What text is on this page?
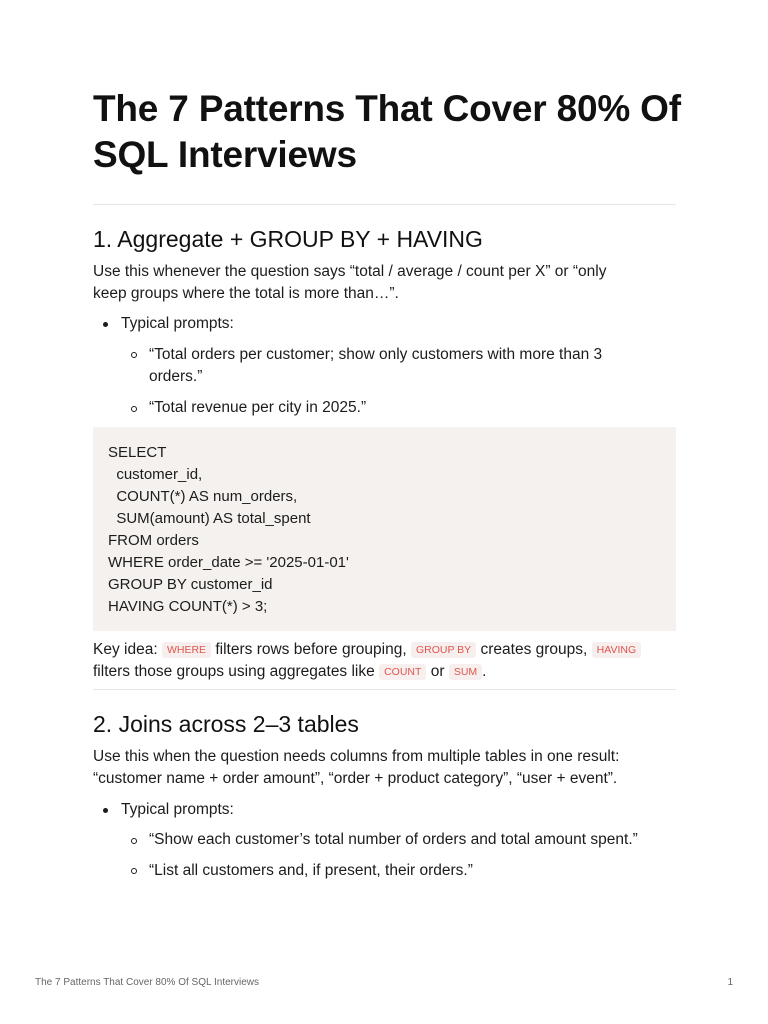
The 7 Patterns That Cover 80% Of SQL Interviews
1. Aggregate + GROUP BY + HAVING

Use this whenever the question says “total / average / count per X” or “only

keep groups where the total is more than…”.

Typical prompts:
“Total orders per customer; show only customers with more than 3
orders.”
“Total revenue per city in 2025.”
SELECT
customer_id,
COUNT(*) AS num_orders,
SUM(amount) AS total_spent
FROM orders
WHERE order_date >= '2025-01-01'
GROUP BY customer_id
HAVING COUNT(*) > 3;

Key idea: WHERE filters rows before grouping, GROUP BY creates groups, HAVING

filters those groups using aggregates like COUNT or SUM .

2. Joins across 2–3 tables

Use this when the question needs columns from multiple tables in one result:

“customer name + order amount”, “order + product category”, “user + event”.

Typical prompts:
“Show each customer’s total number of orders and total amount spent.”
“List all customers and, if present, their orders.”
The 7 Patterns That Cover 80% Of SQL Interviews	1
